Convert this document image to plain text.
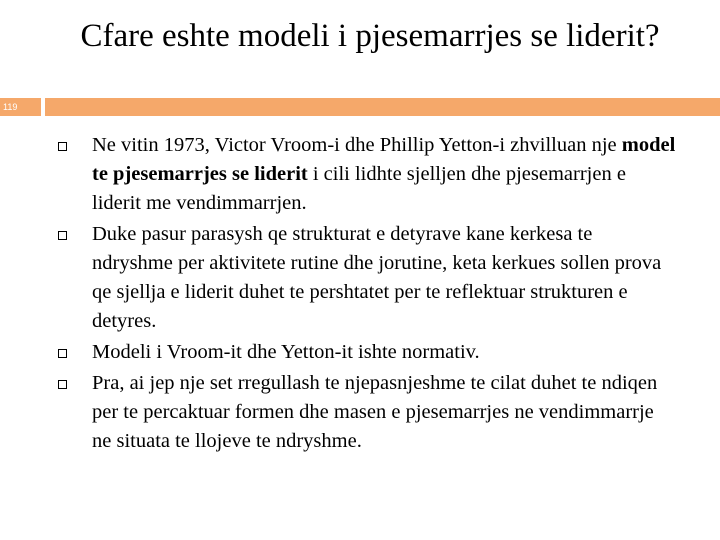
Cfare eshte modeli i pjesemarrjes se liderit?
119
Ne vitin 1973, Victor Vroom-i dhe Phillip Yetton-i zhvilluan nje model te pjesemarrjes se liderit i cili lidhte sjelljen dhe pjesemarrjen e liderit me vendimmarrjen.
Duke pasur parasysh qe strukturat e detyrave kane kerkesa te ndryshme per aktivitete rutine dhe jorutine, keta kerkues sollen prova qe sjellja e liderit duhet te pershtatet per te reflektuar strukturen e detyres.
Modeli i Vroom-it dhe Yetton-it ishte normativ.
Pra, ai jep nje set rregullash te njepasnjeshme te cilat duhet te ndiqen per te percaktuar formen dhe masen e pjesemarrjes ne vendimmarrje ne situata te llojeve te ndryshme.
